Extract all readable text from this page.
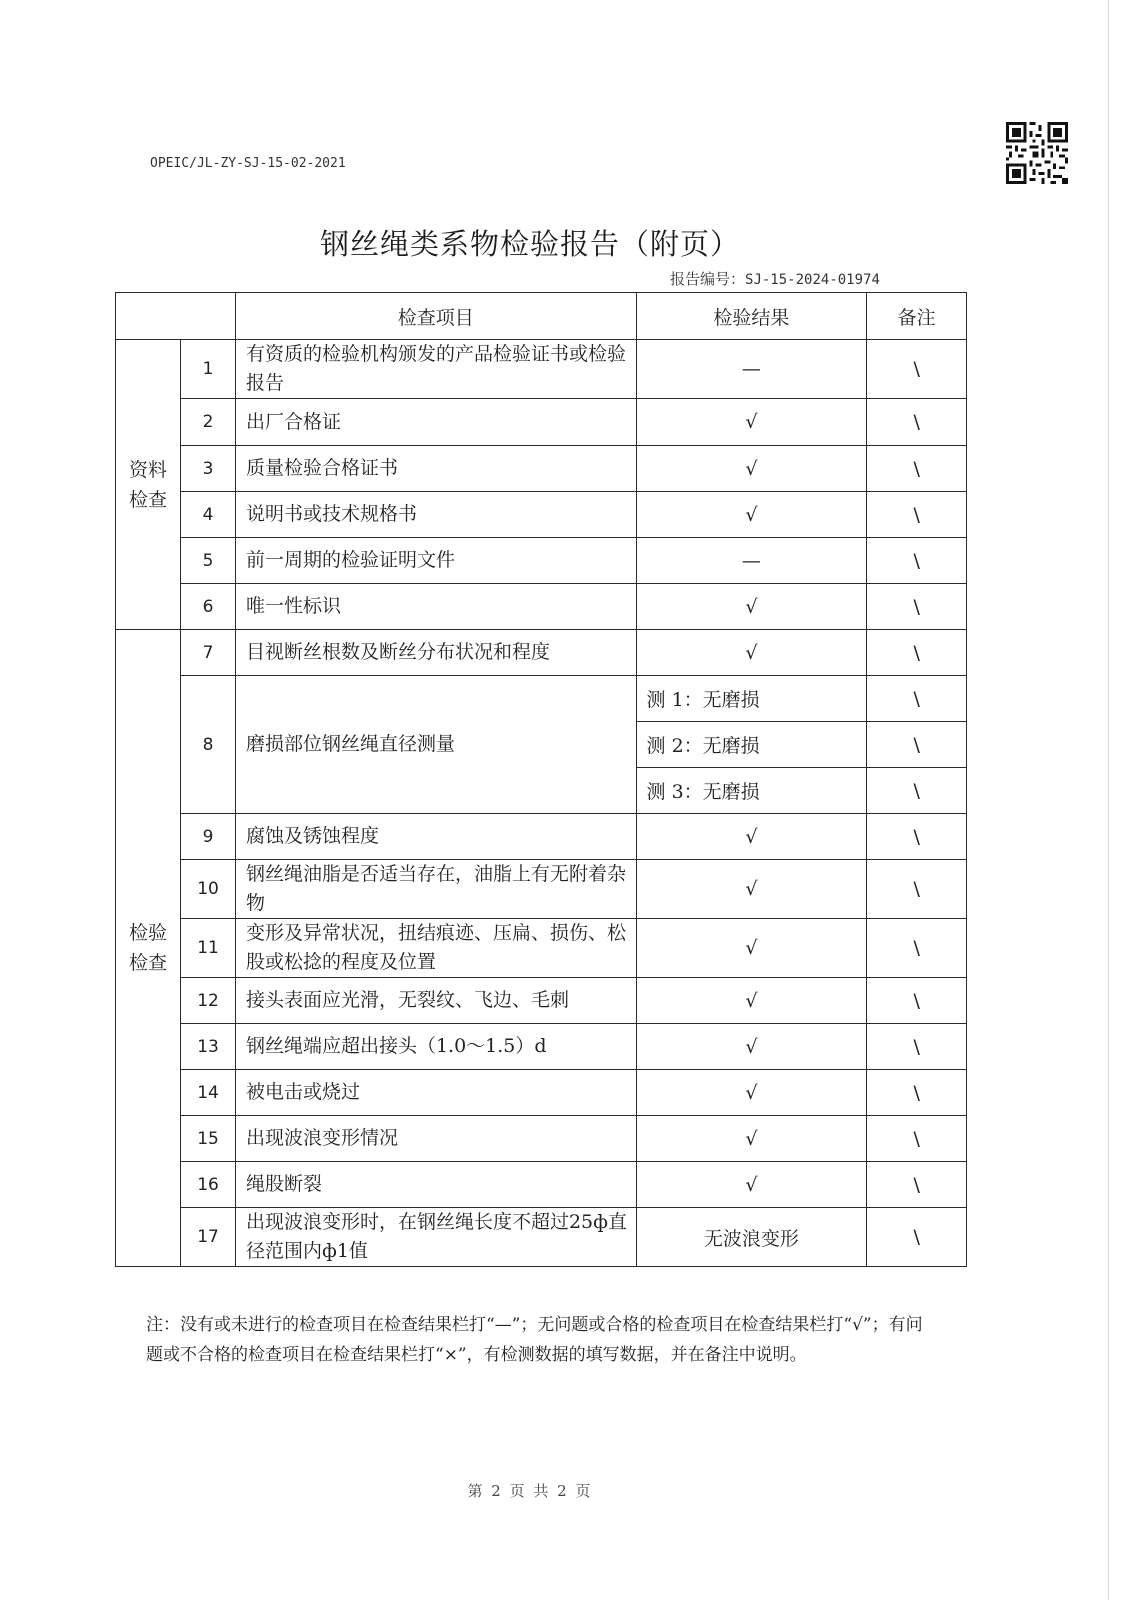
OPEIC/JL-ZY-SJ-15-02-2021
钢丝绳类系物检验报告（附页）
报告编号：SJ-15-2024-01974
		检查项目	检验结果	备注

资料
检查	1	有资质的检验机构颁发的产品检验证书或检验报告	—	\
	2	出厂合格证	√	\
	3	质量检验合格证书	√	\
	4	说明书或技术规格书	√	\
	5	前一周期的检验证明文件	—	\
	6	唯一性标识	√	\

检验
检查	7	目视断丝根数及断丝分布状况和程度	√	\
	8	磨损部位钢丝绳直径测量	测 1：无磨损	\
			测 2：无磨损	\
			测 3：无磨损	\
	9	腐蚀及锈蚀程度	√	\
	10	钢丝绳油脂是否适当存在，油脂上有无附着杂物	√	\
	11	变形及异常状况，扭结痕迹、压扁、损伤、松股或松捻的程度及位置	√	\
	12	接头表面应光滑，无裂纹、飞边、毛刺	√	\
	13	钢丝绳端应超出接头（1.0～1.5）d	√	\
	14	被电击或烧过	√	\
	15	出现波浪变形情况	√	\
	16	绳股断裂	√	\
	17	出现波浪变形时，在钢丝绳长度不超过25ф直径范围内ф1值	无波浪变形	\
注：没有或未进行的检查项目在检查结果栏打“—”；无问题或合格的检查项目在检查结果栏打“√”；有问题或不合格的检查项目在检查结果栏打“×”，有检测数据的填写数据，并在备注中说明。
第 2 页 共 2 页
